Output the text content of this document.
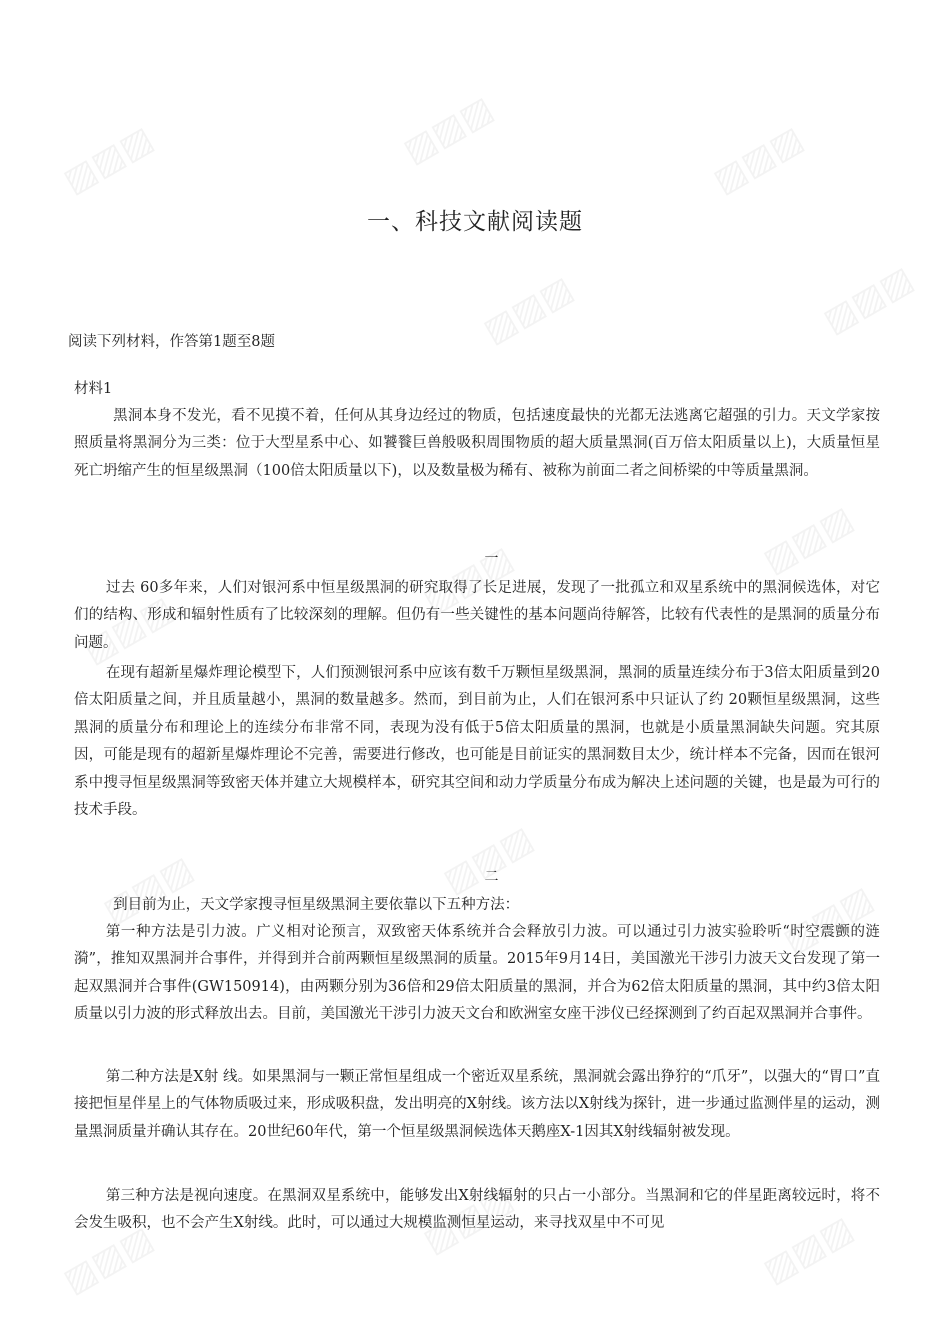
一、科技文献阅读题
阅读下列材料，作答第1题至8题
材料1
黑洞本身不发光，看不见摸不着，任何从其身边经过的物质，包括速度最快的光都无法逃离它超强的引力。天文学家按照质量将黑洞分为三类：位于大型星系中心、如饕餮巨兽般吸积周围物质的超大质量黑洞(百万倍太阳质量以上)，大质量恒星死亡坍缩产生的恒星级黑洞（100倍太阳质量以下)，以及数量极为稀有、被称为前面二者之间桥梁的中等质量黑洞。
一
过去 60多年来，人们对银河系中恒星级黑洞的研究取得了长足进展，发现了一批孤立和双星系统中的黑洞候选体，对它们的结构、形成和辐射性质有了比较深刻的理解。但仍有一些关键性的基本问题尚待解答，比较有代表性的是黑洞的质量分布问题。
在现有超新星爆炸理论模型下，人们预测银河系中应该有数千万颗恒星级黑洞，黑洞的质量连续分布于3倍太阳质量到20倍太阳质量之间，并且质量越小，黑洞的数量越多。然而，到目前为止，人们在银河系中只证认了约 20颗恒星级黑洞，这些黑洞的质量分布和理论上的连续分布非常不同，表现为没有低于5倍太阳质量的黑洞，也就是小质量黑洞缺失问题。究其原因，可能是现有的超新星爆炸理论不完善，需要进行修改，也可能是目前证实的黑洞数目太少，统计样本不完备，因而在银河系中搜寻恒星级黑洞等致密天体并建立大规模样本，研究其空间和动力学质量分布成为解决上述问题的关键，也是最为可行的技术手段。
二
到目前为止，天文学家搜寻恒星级黑洞主要依靠以下五种方法：
第一种方法是引力波。广义相对论预言，双致密天体系统并合会释放引力波。可以通过引力波实验聆听“时空震颤的涟漪”，推知双黑洞并合事件，并得到并合前两颗恒星级黑洞的质量。2015年9月14日，美国激光干涉引力波天文台发现了第一起双黑洞并合事件(GW150914)，由两颗分别为36倍和29倍太阳质量的黑洞，并合为62倍太阳质量的黑洞，其中约3倍太阳质量以引力波的形式释放出去。目前，美国激光干涉引力波天文台和欧洲室女座干涉仪已经探测到了约百起双黑洞并合事件。
第二种方法是X射 线。如果黑洞与一颗正常恒星组成一个密近双星系统，黑洞就会露出狰狞的“爪牙”，以强大的“胃口”直接把恒星伴星上的气体物质吸过来，形成吸积盘，发出明亮的X射线。该方法以X射线为探针，进一步通过监测伴星的运动，测量黑洞质量并确认其存在。20世纪60年代，第一个恒星级黑洞候选体天鹅座X-1因其X射线辐射被发现。
第三种方法是视向速度。在黑洞双星系统中，能够发出X射线辐射的只占一小部分。当黑洞和它的伴星距离较远时，将不会发生吸积，也不会产生X射线。此时，可以通过大规模监测恒星运动，来寻找双星中不可见
